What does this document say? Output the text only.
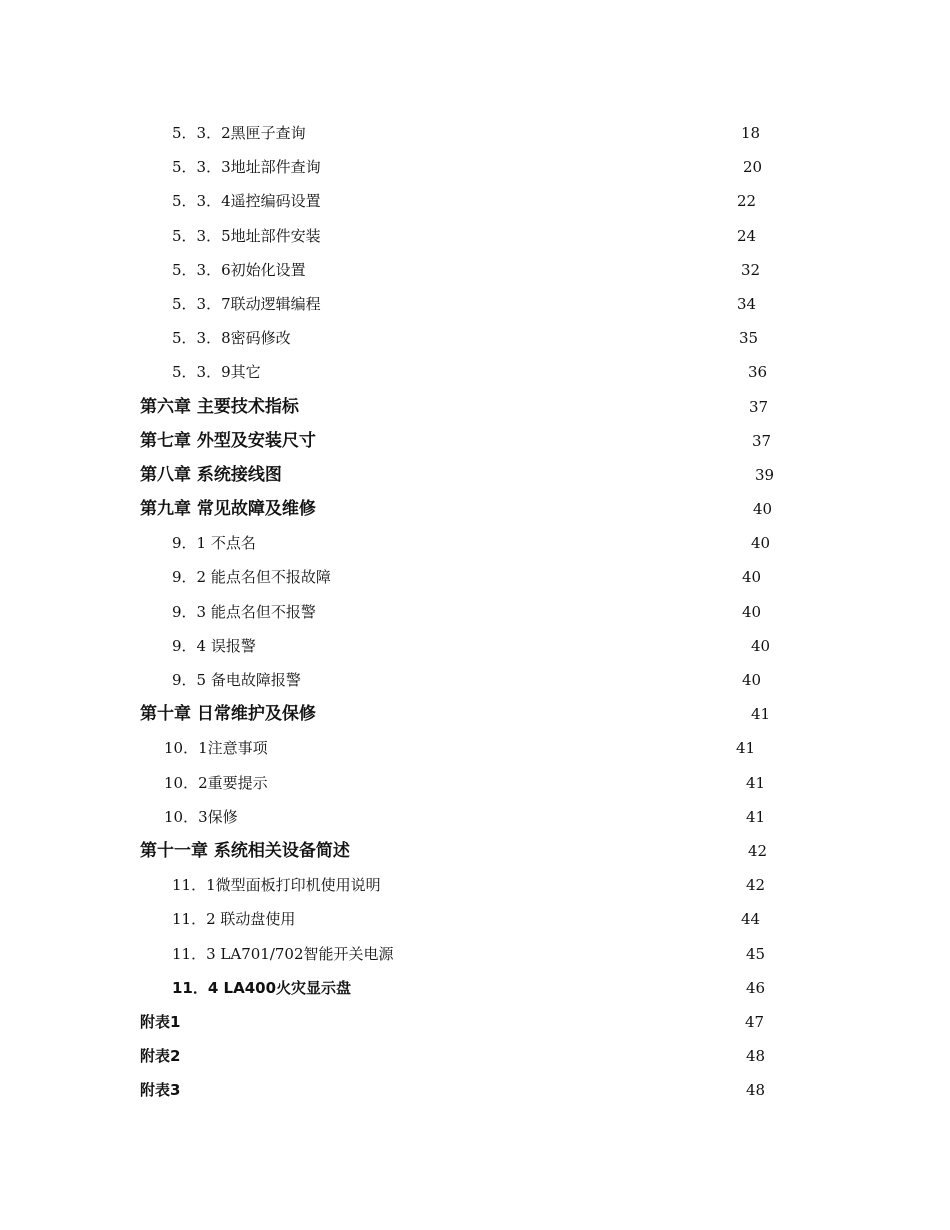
5．3．2黑匣子查询	18
5．3．3地址部件查询	20
5．3．4遥控编码设置	22
5．3．5地址部件安装	24
5．3．6初始化设置	32
5．3．7联动逻辑编程	34
5．3．8密码修改	35
5．3．9其它	36
第六章 主要技术指标	37
第七章 外型及安装尺寸	37
第八章 系统接线图	39
第九章 常见故障及维修	40
9．1 不点名	40
9．2 能点名但不报故障	40
9．3 能点名但不报警	40
9．4 误报警	40
9．5 备电故障报警	40
第十章 日常维护及保修	41
10．1注意事项	41
10．2重要提示	41
10．3保修	41
第十一章 系统相关设备简述	42
11．1微型面板打印机使用说明	42
11．2 联动盘使用	44
11．3 LA701/702智能开关电源	45
11．4 LA400火灾显示盘	46
附表1	47
附表2	48
附表3	48
